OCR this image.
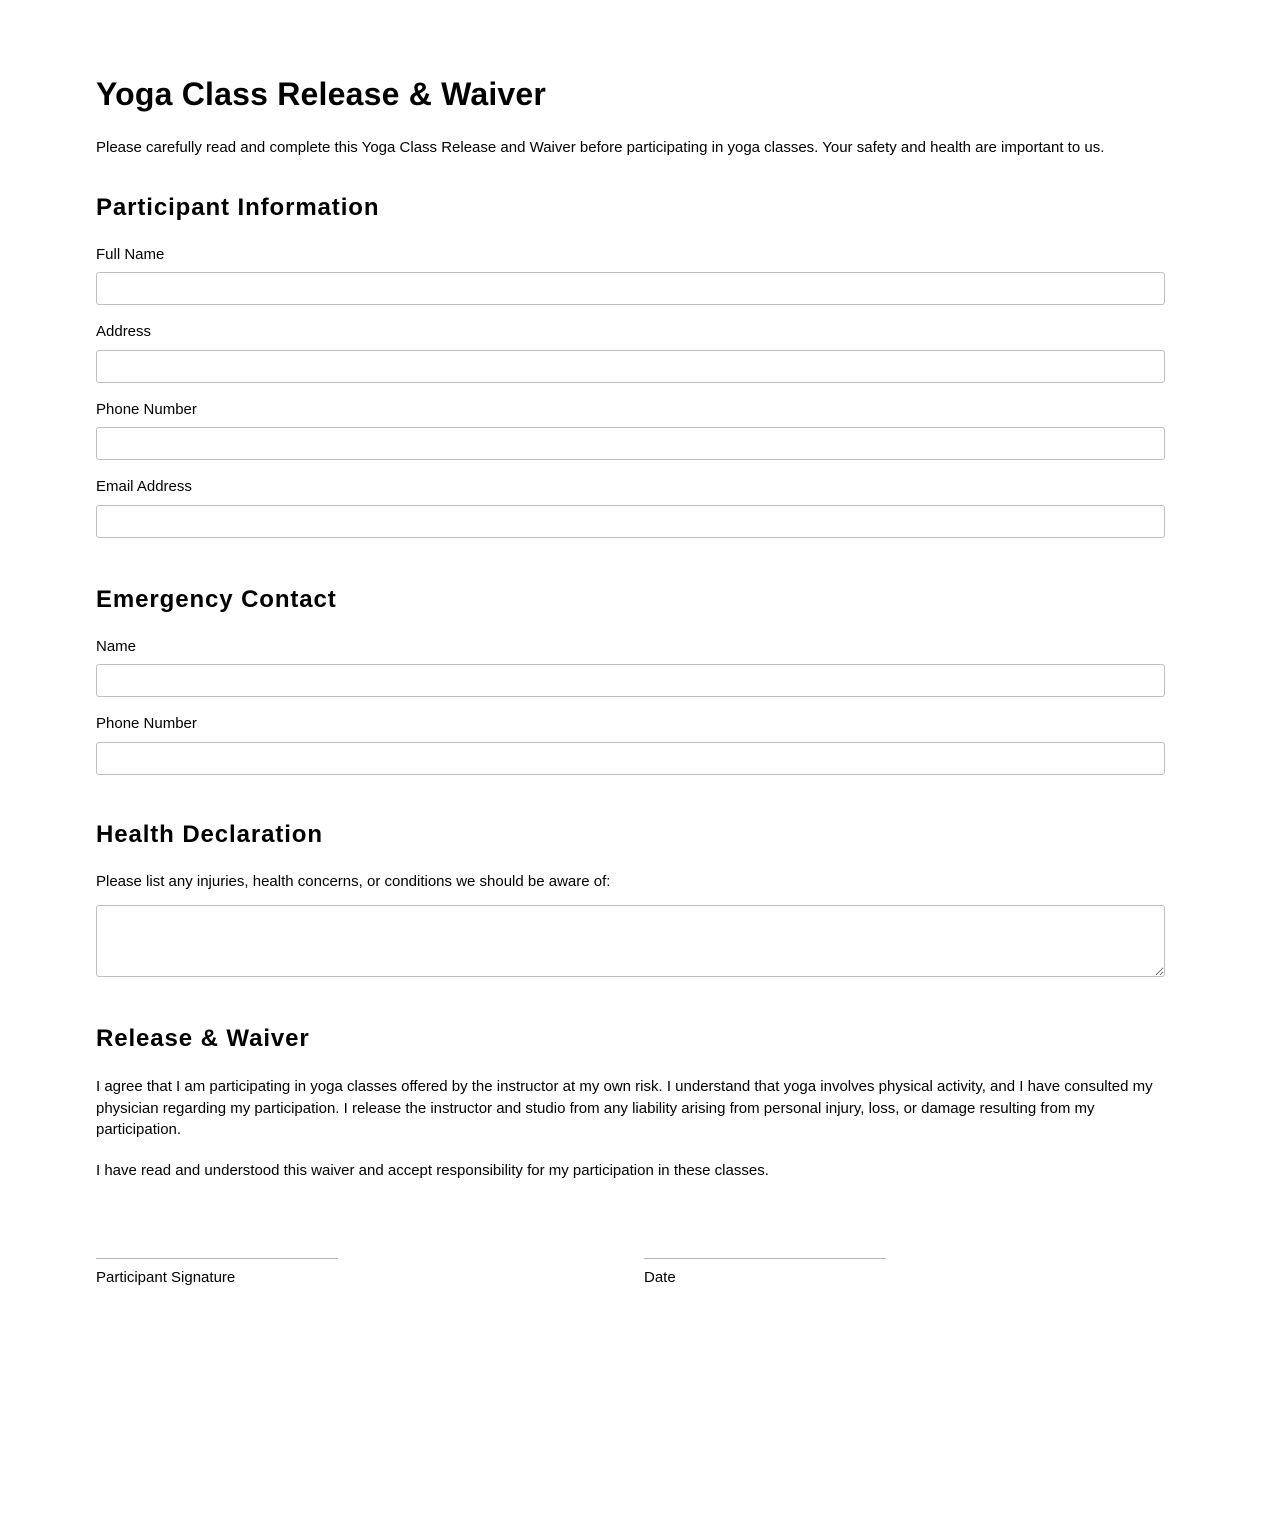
Yoga Class Release & Waiver

Please carefully read and complete this Yoga Class Release and Waiver before participating in yoga classes. Your safety and health are important to us.

Participant Information
Full Name
Address
Phone Number
Email Address
Emergency Contact
Name
Phone Number
Health Declaration

Please list any injuries, health concerns, or conditions we should be aware of:

Release & Waiver

I agree that I am participating in yoga classes offered by the instructor at my own risk. I understand that yoga involves physical activity, and I have consulted my physician regarding my participation. I release the instructor and studio from any liability arising from personal injury, loss, or damage resulting from my participation.

I have read and understood this waiver and accept responsibility for my participation in these classes.

Participant Signature	Date
